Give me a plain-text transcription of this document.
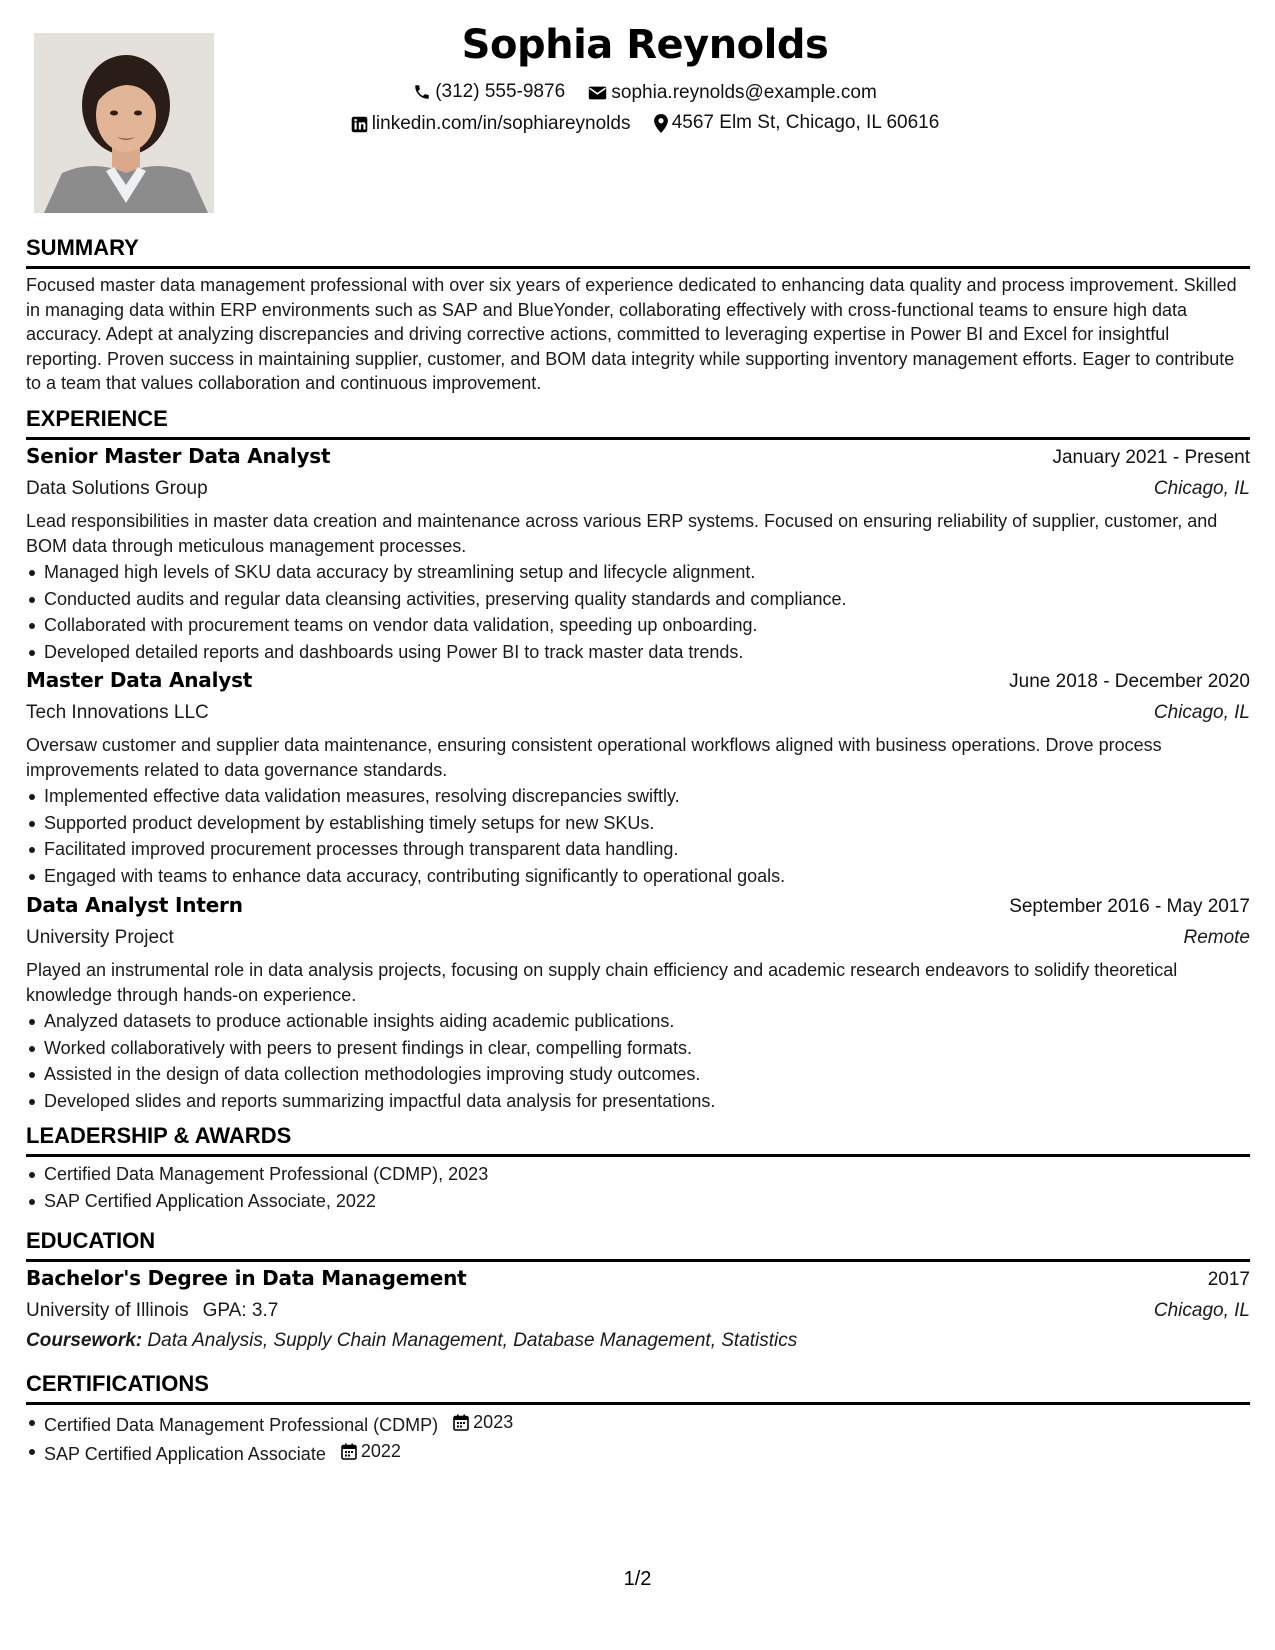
Sophia Reynolds
(312) 555-9876
sophia.reynolds@example.com
linkedin.com/in/sophiareynolds
4567 Elm St, Chicago, IL 60616
SUMMARY
Focused master data management professional with over six years of experience dedicated to enhancing data quality and process improvement. Skilled in managing data within ERP environments such as SAP and BlueYonder, collaborating effectively with cross-functional teams to ensure high data accuracy. Adept at analyzing discrepancies and driving corrective actions, committed to leveraging expertise in Power BI and Excel for insightful reporting. Proven success in maintaining supplier, customer, and BOM data integrity while supporting inventory management efforts. Eager to contribute to a team that values collaboration and continuous improvement.
EXPERIENCE
Senior Master Data Analyst	January 2021 - Present
Data Solutions Group	Chicago, IL
Lead responsibilities in master data creation and maintenance across various ERP systems. Focused on ensuring reliability of supplier, customer, and BOM data through meticulous management processes.
Managed high levels of SKU data accuracy by streamlining setup and lifecycle alignment.
Conducted audits and regular data cleansing activities, preserving quality standards and compliance.
Collaborated with procurement teams on vendor data validation, speeding up onboarding.
Developed detailed reports and dashboards using Power BI to track master data trends.
Master Data Analyst	June 2018 - December 2020
Tech Innovations LLC	Chicago, IL
Oversaw customer and supplier data maintenance, ensuring consistent operational workflows aligned with business operations. Drove process improvements related to data governance standards.
Implemented effective data validation measures, resolving discrepancies swiftly.
Supported product development by establishing timely setups for new SKUs.
Facilitated improved procurement processes through transparent data handling.
Engaged with teams to enhance data accuracy, contributing significantly to operational goals.
Data Analyst Intern	September 2016 - May 2017
University Project	Remote
Played an instrumental role in data analysis projects, focusing on supply chain efficiency and academic research endeavors to solidify theoretical knowledge through hands-on experience.
Analyzed datasets to produce actionable insights aiding academic publications.
Worked collaboratively with peers to present findings in clear, compelling formats.
Assisted in the design of data collection methodologies improving study outcomes.
Developed slides and reports summarizing impactful data analysis for presentations.
LEADERSHIP & AWARDS
Certified Data Management Professional (CDMP), 2023
SAP Certified Application Associate, 2022
EDUCATION
Bachelor's Degree in Data Management	2017
University of Illinois GPA: 3.7	Chicago, IL
Coursework: Data Analysis, Supply Chain Management, Database Management, Statistics
CERTIFICATIONS
Certified Data Management Professional (CDMP) 2023
SAP Certified Application Associate 2022
1/2
